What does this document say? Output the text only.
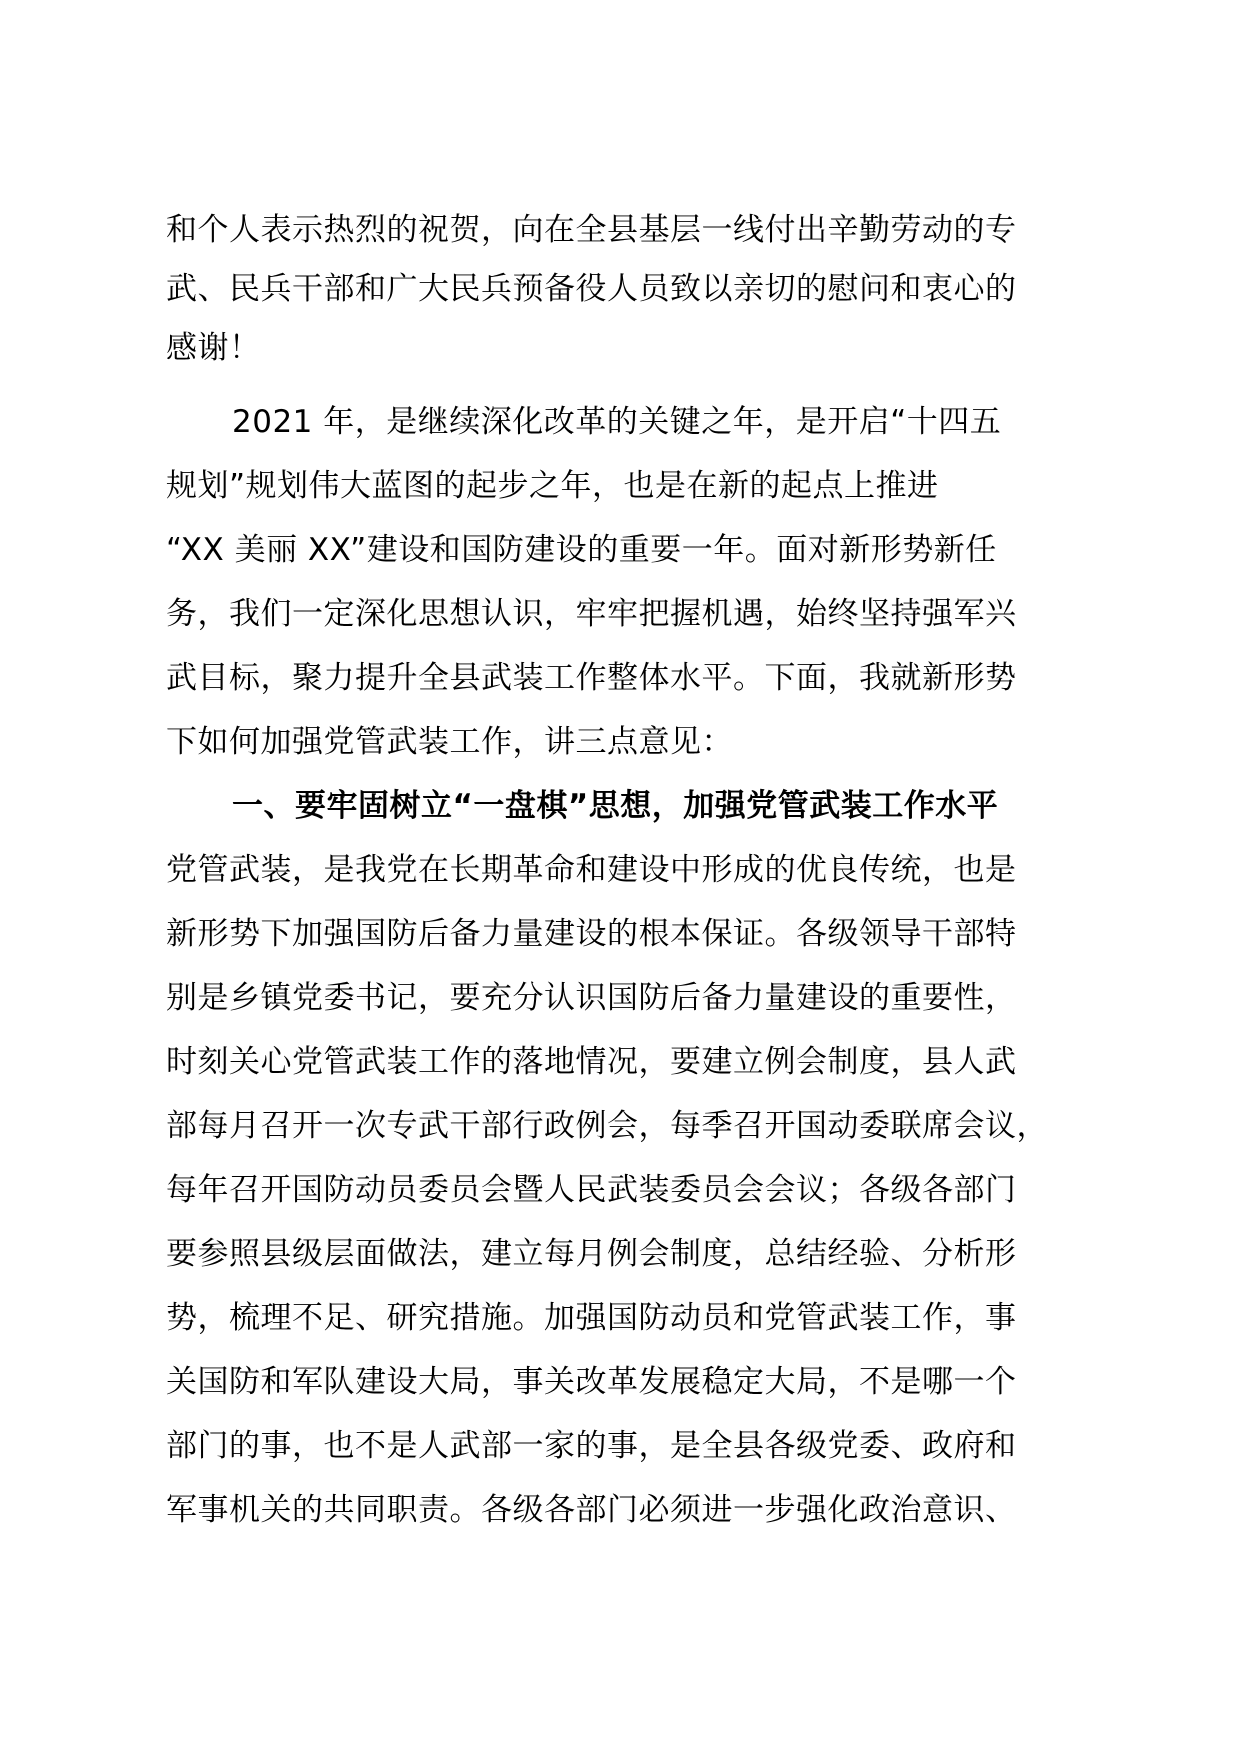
和个人表示热烈的祝贺，向在全县基层一线付出辛勤劳动的专
武、民兵干部和广大民兵预备役人员致以亲切的慰问和衷心的
感谢！
2021 年，是继续深化改革的关键之年，是开启“十四五
规划”规划伟大蓝图的起步之年，也是在新的起点上推进
“XX 美丽 XX”建设和国防建设的重要一年。面对新形势新任
务，我们一定深化思想认识，牢牢把握机遇，始终坚持强军兴
武目标，聚力提升全县武装工作整体水平。下面，我就新形势
下如何加强党管武装工作，讲三点意见：
一、要牢固树立“一盘棋”思想，加强党管武装工作水平
党管武装，是我党在长期革命和建设中形成的优良传统，也是
新形势下加强国防后备力量建设的根本保证。各级领导干部特
别是乡镇党委书记，要充分认识国防后备力量建设的重要性，
时刻关心党管武装工作的落地情况，要建立例会制度，县人武
部每月召开一次专武干部行政例会，每季召开国动委联席会议，
每年召开国防动员委员会暨人民武装委员会会议；各级各部门
要参照县级层面做法，建立每月例会制度，总结经验、分析形
势，梳理不足、研究措施。加强国防动员和党管武装工作，事
关国防和军队建设大局，事关改革发展稳定大局，不是哪一个
部门的事，也不是人武部一家的事，是全县各级党委、政府和
军事机关的共同职责。各级各部门必须进一步强化政治意识、
